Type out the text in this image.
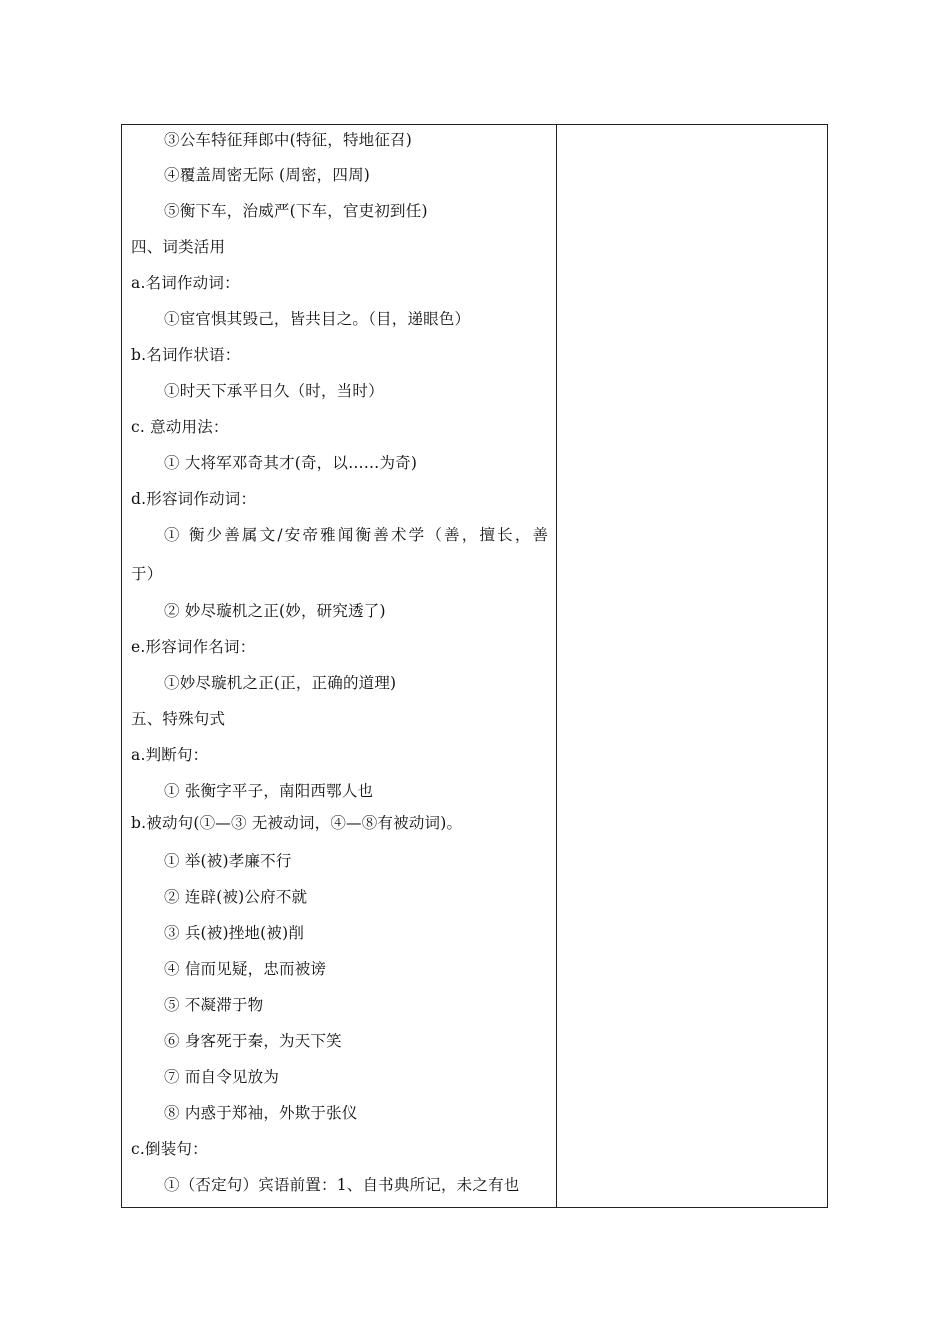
③公车特征拜郎中(特征，特地征召)
④覆盖周密无际 (周密，四周)
⑤衡下车，治威严(下车，官吏初到任)
四、词类活用
a.名词作动词：
①宦官惧其毁己，皆共目之。（目，递眼色）
b.名词作状语：
①时天下承平日久（时，当时）
c. 意动用法：
① 大将军邓奇其才(奇，以……为奇)
d.形容词作动词：
① 衡少善属文/安帝雅闻衡善术学（善，擅长，善
于）
② 妙尽璇机之正(妙，研究透了)
e.形容词作名词：
①妙尽璇机之正(正，正确的道理)
五、特殊句式
a.判断句：
① 张衡字平子，南阳西鄂人也
b.被动句(①—③ 无被动词，④—⑧有被动词)。
① 举(被)孝廉不行
② 连辟(被)公府不就
③ 兵(被)挫地(被)削
④ 信而见疑，忠而被谤
⑤ 不凝滞于物
⑥ 身客死于秦，为天下笑
⑦ 而自令见放为
⑧ 内惑于郑袖，外欺于张仪
c.倒装句：
①（否定句）宾语前置：1、自书典所记，未之有也
